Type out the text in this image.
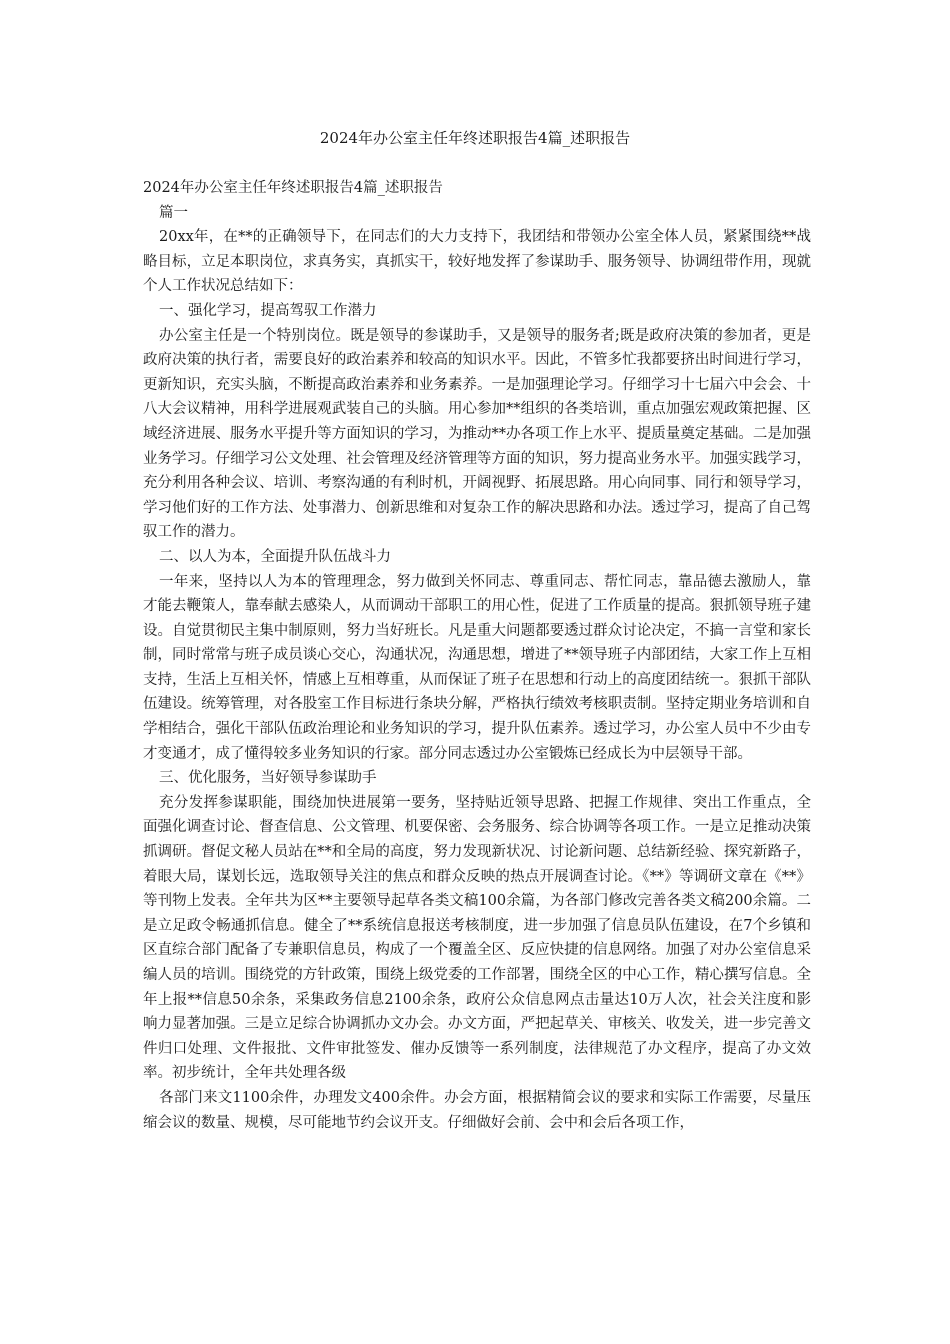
2024年办公室主任年终述职报告4篇_述职报告

2024年办公室主任年终述职报告4篇_述职报告

篇一

20xx年，在**的正确领导下，在同志们的大力支持下，我团结和带领办公室全体人员，紧紧围绕**战略目标，立足本职岗位，求真务实，真抓实干，较好地发挥了参谋助手、服务领导、协调纽带作用，现就个人工作状况总结如下：

一、强化学习，提高驾驭工作潜力

办公室主任是一个特别岗位。既是领导的参谋助手，又是领导的服务者;既是政府决策的参加者，更是政府决策的执行者，需要良好的政治素养和较高的知识水平。因此，不管多忙我都要挤出时间进行学习，更新知识，充实头脑，不断提高政治素养和业务素养。一是加强理论学习。仔细学习十七届六中会会、十八大会议精神，用科学进展观武装自己的头脑。用心参加**组织的各类培训，重点加强宏观政策把握、区域经济进展、服务水平提升等方面知识的学习，为推动**办各项工作上水平、提质量奠定基础。二是加强业务学习。仔细学习公文处理、社会管理及经济管理等方面的知识，努力提高业务水平。加强实践学习，充分利用各种会议、培训、考察沟通的有利时机，开阔视野、拓展思路。用心向同事、同行和领导学习，学习他们好的工作方法、处事潜力、创新思维和对复杂工作的解决思路和办法。透过学习，提高了自己驾驭工作的潜力。

二、以人为本，全面提升队伍战斗力

一年来，坚持以人为本的管理理念，努力做到关怀同志、尊重同志、帮忙同志，靠品德去激励人，靠才能去鞭策人，靠奉献去感染人，从而调动干部职工的用心性，促进了工作质量的提高。狠抓领导班子建设。自觉贯彻民主集中制原则，努力当好班长。凡是重大问题都要透过群众讨论决定，不搞一言堂和家长制，同时常常与班子成员谈心交心，沟通状况，沟通思想，增进了**领导班子内部团结，大家工作上互相支持，生活上互相关怀，情感上互相尊重，从而保证了班子在思想和行动上的高度团结统一。狠抓干部队伍建设。统筹管理，对各股室工作目标进行条块分解，严格执行绩效考核职责制。坚持定期业务培训和自学相结合，强化干部队伍政治理论和业务知识的学习，提升队伍素养。透过学习，办公室人员中不少由专才变通才，成了懂得较多业务知识的行家。部分同志透过办公室锻炼已经成长为中层领导干部。

三、优化服务，当好领导参谋助手

充分发挥参谋职能，围绕加快进展第一要务，坚持贴近领导思路、把握工作规律、突出工作重点，全面强化调查讨论、督查信息、公文管理、机要保密、会务服务、综合协调等各项工作。一是立足推动决策抓调研。督促文秘人员站在**和全局的高度，努力发现新状况、讨论新问题、总结新经验、探究新路子，着眼大局，谋划长远，选取领导关注的焦点和群众反映的热点开展调查讨论。《**》等调研文章在《**》等刊物上发表。全年共为区**主要领导起草各类文稿100余篇，为各部门修改完善各类文稿200余篇。二是立足政令畅通抓信息。健全了**系统信息报送考核制度，进一步加强了信息员队伍建设，在7个乡镇和区直综合部门配备了专兼职信息员，构成了一个覆盖全区、反应快捷的信息网络。加强了对办公室信息采编人员的培训。围绕党的方针政策，围绕上级党委的工作部署，围绕全区的中心工作，精心撰写信息。全年上报**信息50余条，采集政务信息2100余条，政府公众信息网点击量达10万人次，社会关注度和影响力显著加强。三是立足综合协调抓办文办会。办文方面，严把起草关、审核关、收发关，进一步完善文件归口处理、文件报批、文件审批签发、催办反馈等一系列制度，法律规范了办文程序，提高了办文效率。初步统计，全年共处理各级

各部门来文1100余件，办理发文400余件。办会方面，根据精简会议的要求和实际工作需要，尽量压缩会议的数量、规模，尽可能地节约会议开支。仔细做好会前、会中和会后各项工作，
